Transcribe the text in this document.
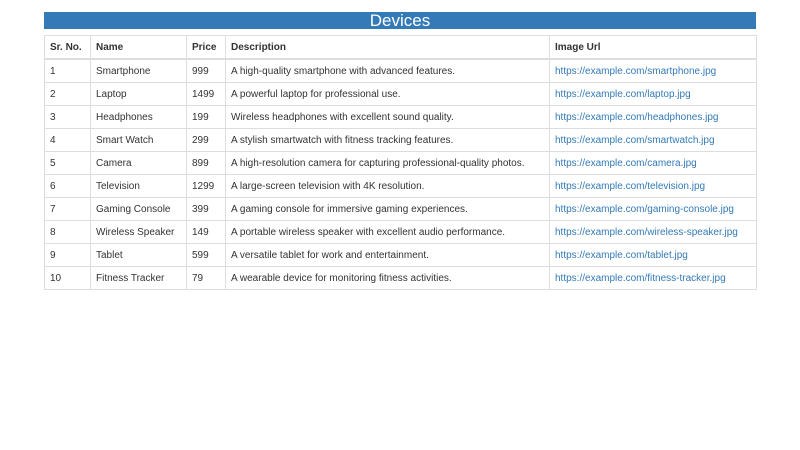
Devices
Sr. No.	Name	Price	Description	Image Url
1	Smartphone	999	A high-quality smartphone with advanced features.	https://example.com/smartphone.jpg
2	Laptop	1499	A powerful laptop for professional use.	https://example.com/laptop.jpg
3	Headphones	199	Wireless headphones with excellent sound quality.	https://example.com/headphones.jpg
4	Smart Watch	299	A stylish smartwatch with fitness tracking features.	https://example.com/smartwatch.jpg
5	Camera	899	A high-resolution camera for capturing professional-quality photos.	https://example.com/camera.jpg
6	Television	1299	A large-screen television with 4K resolution.	https://example.com/television.jpg
7	Gaming Console	399	A gaming console for immersive gaming experiences.	https://example.com/gaming-console.jpg
8	Wireless Speaker	149	A portable wireless speaker with excellent audio performance.	https://example.com/wireless-speaker.jpg
9	Tablet	599	A versatile tablet for work and entertainment.	https://example.com/tablet.jpg
10	Fitness Tracker	79	A wearable device for monitoring fitness activities.	https://example.com/fitness-tracker.jpg
